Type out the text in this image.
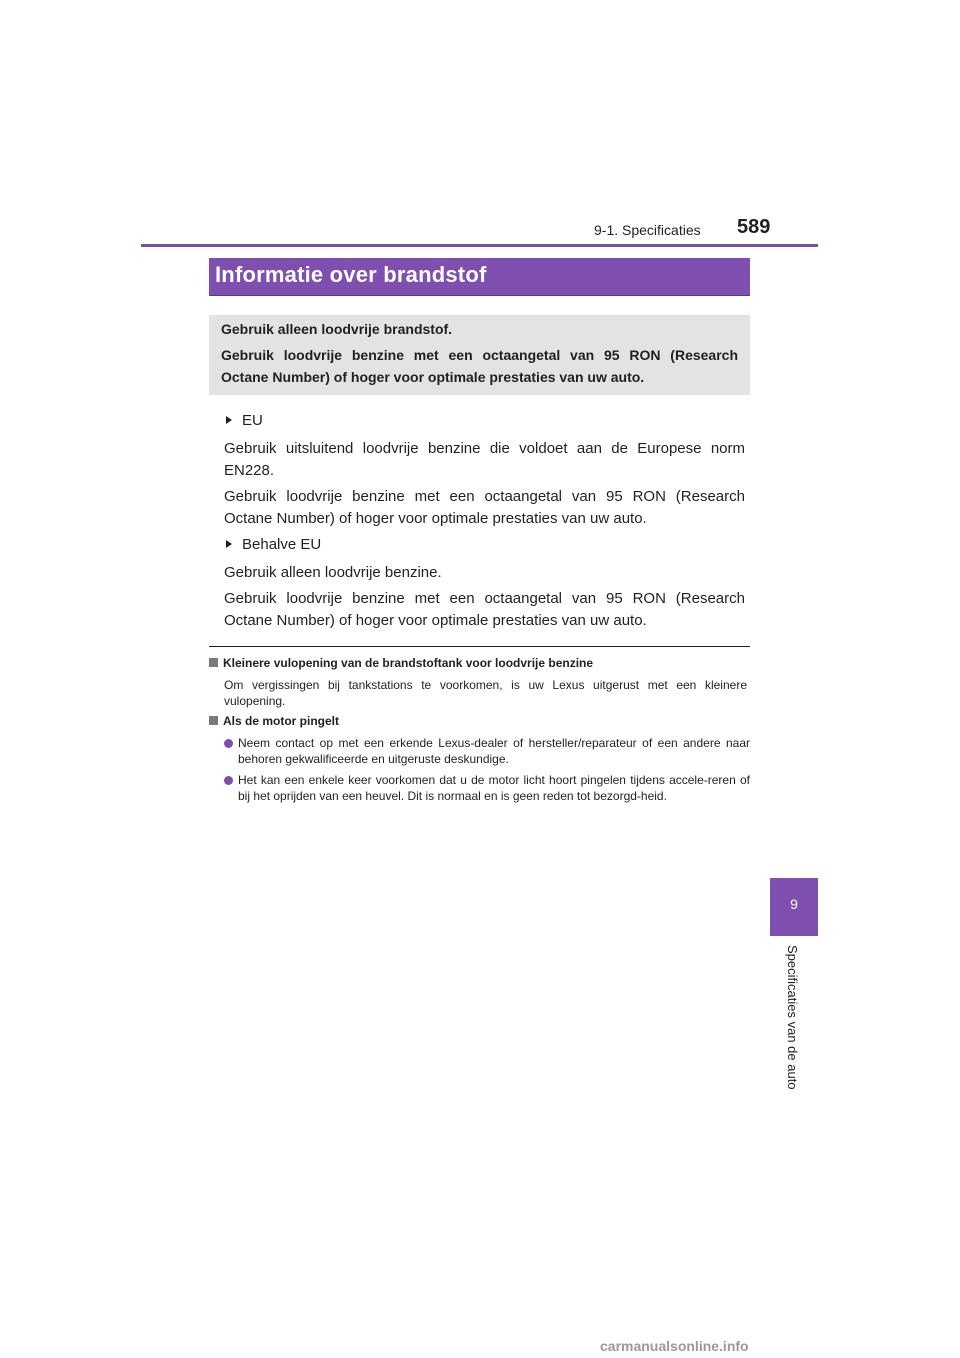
9-1. Specificaties 589
Informatie over brandstof
Gebruik alleen loodvrije brandstof.
Gebruik loodvrije benzine met een octaangetal van 95 RON (Research
Octane Number) of hoger voor optimale prestaties van uw auto.
EU
Gebruik uitsluitend loodvrije benzine die voldoet aan de Europese norm EN228.
Gebruik loodvrije benzine met een octaangetal van 95 RON (Research Octane Number) of hoger voor optimale prestaties van uw auto.
Behalve EU
Gebruik alleen loodvrije benzine.
Gebruik loodvrije benzine met een octaangetal van 95 RON (Research Octane Number) of hoger voor optimale prestaties van uw auto.
Kleinere vulopening van de brandstoftank voor loodvrije benzine
Om vergissingen bij tankstations te voorkomen, is uw Lexus uitgerust met een kleinere vulopening.
Als de motor pingelt
Neem contact op met een erkende Lexus-dealer of hersteller/reparateur of een andere naar behoren gekwalificeerde en uitgeruste deskundige.
Het kan een enkele keer voorkomen dat u de motor licht hoort pingelen tijdens accele-reren of bij het oprijden van een heuvel. Dit is normaal en is geen reden tot bezorgd-heid.
9
Specificaties van de auto
carmanualsonline.info
